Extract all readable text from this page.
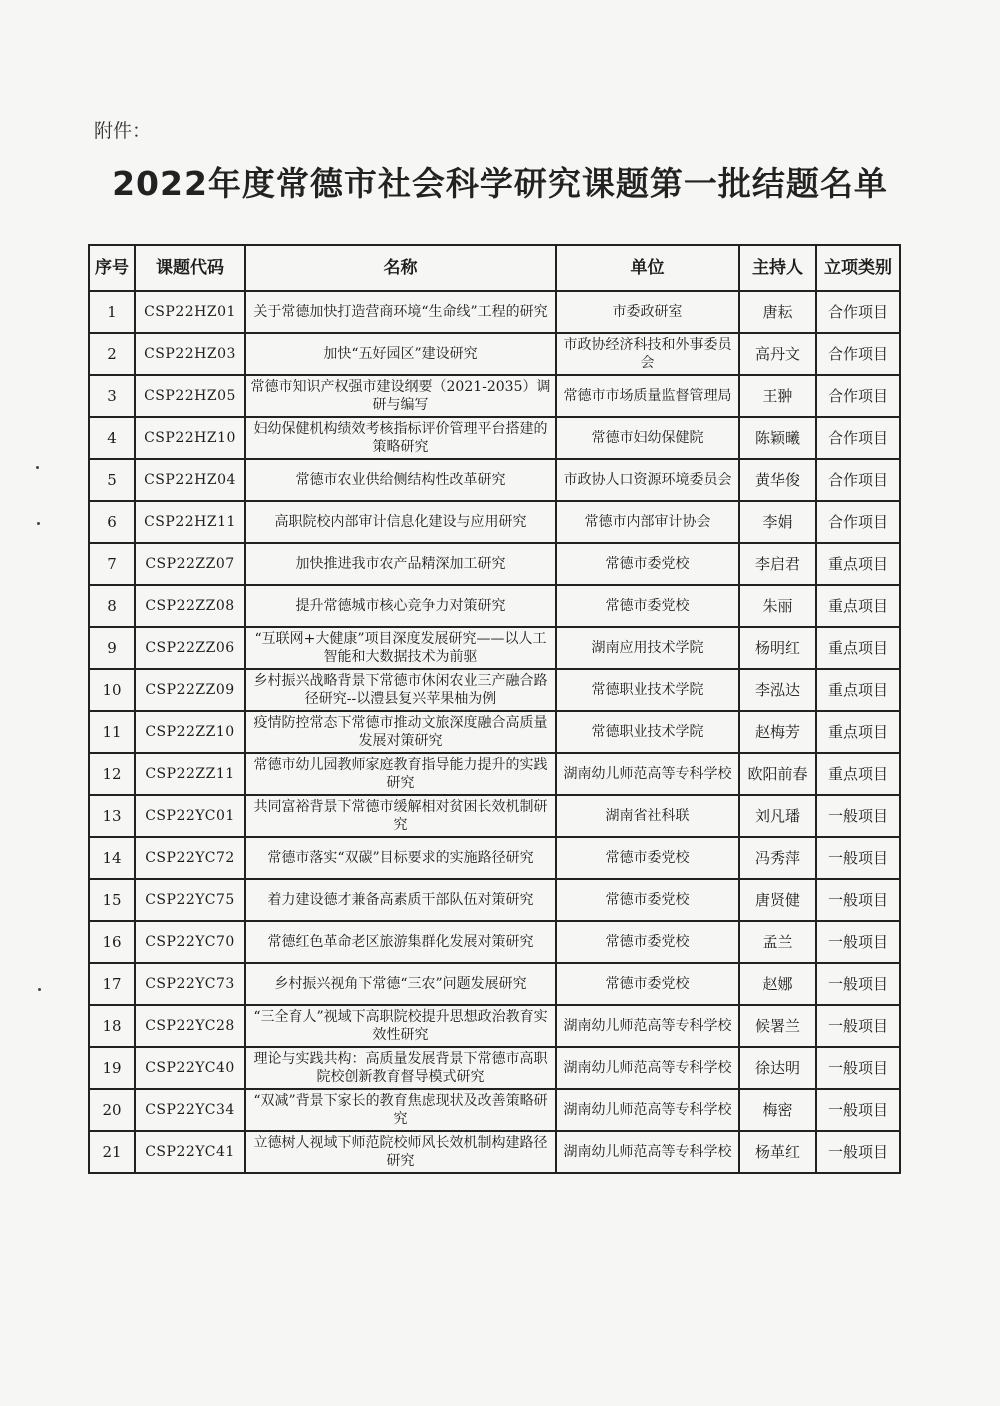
附件：
2022年度常德市社会科学研究课题第一批结题名单
序号	课题代码	名称	单位	主持人	立项类别
1	CSP22HZ01	关于常德加快打造营商环境“生命线”工程的研究	市委政研室	唐耘	合作项目
2	CSP22HZ03	加快“五好园区”建设研究	市政协经济科技和外事委员会	高丹文	合作项目
3	CSP22HZ05	常德市知识产权强市建设纲要（2021-2035）调研与编写	常德市市场质量监督管理局	王翀	合作项目
4	CSP22HZ10	妇幼保健机构绩效考核指标评价管理平台搭建的策略研究	常德市妇幼保健院	陈颖曦	合作项目
5	CSP22HZ04	常德市农业供给侧结构性改革研究	市政协人口资源环境委员会	黄华俊	合作项目
6	CSP22HZ11	高职院校内部审计信息化建设与应用研究	常德市内部审计协会	李娟	合作项目
7	CSP22ZZ07	加快推进我市农产品精深加工研究	常德市委党校	李启君	重点项目
8	CSP22ZZ08	提升常德城市核心竞争力对策研究	常德市委党校	朱丽	重点项目
9	CSP22ZZ06	“互联网+大健康”项目深度发展研究——以人工智能和大数据技术为前驱	湖南应用技术学院	杨明红	重点项目
10	CSP22ZZ09	乡村振兴战略背景下常德市休闲农业三产融合路径研究--以澧县复兴苹果柚为例	常德职业技术学院	李泓达	重点项目
11	CSP22ZZ10	疫情防控常态下常德市推动文旅深度融合高质量发展对策研究	常德职业技术学院	赵梅芳	重点项目
12	CSP22ZZ11	常德市幼儿园教师家庭教育指导能力提升的实践研究	湖南幼儿师范高等专科学校	欧阳前春	重点项目
13	CSP22YC01	共同富裕背景下常德市缓解相对贫困长效机制研究	湖南省社科联	刘凡璠	一般项目
14	CSP22YC72	常德市落实“双碳”目标要求的实施路径研究	常德市委党校	冯秀萍	一般项目
15	CSP22YC75	着力建设德才兼备高素质干部队伍对策研究	常德市委党校	唐贤健	一般项目
16	CSP22YC70	常德红色革命老区旅游集群化发展对策研究	常德市委党校	孟兰	一般项目
17	CSP22YC73	乡村振兴视角下常德“三农”问题发展研究	常德市委党校	赵娜	一般项目
18	CSP22YC28	“三全育人”视域下高职院校提升思想政治教育实效性研究	湖南幼儿师范高等专科学校	候署兰	一般项目
19	CSP22YC40	理论与实践共构：高质量发展背景下常德市高职院校创新教育督导模式研究	湖南幼儿师范高等专科学校	徐达明	一般项目
20	CSP22YC34	“双减”背景下家长的教育焦虑现状及改善策略研究	湖南幼儿师范高等专科学校	梅密	一般项目
21	CSP22YC41	立德树人视域下师范院校师风长效机制构建路径研究	湖南幼儿师范高等专科学校	杨革红	一般项目
